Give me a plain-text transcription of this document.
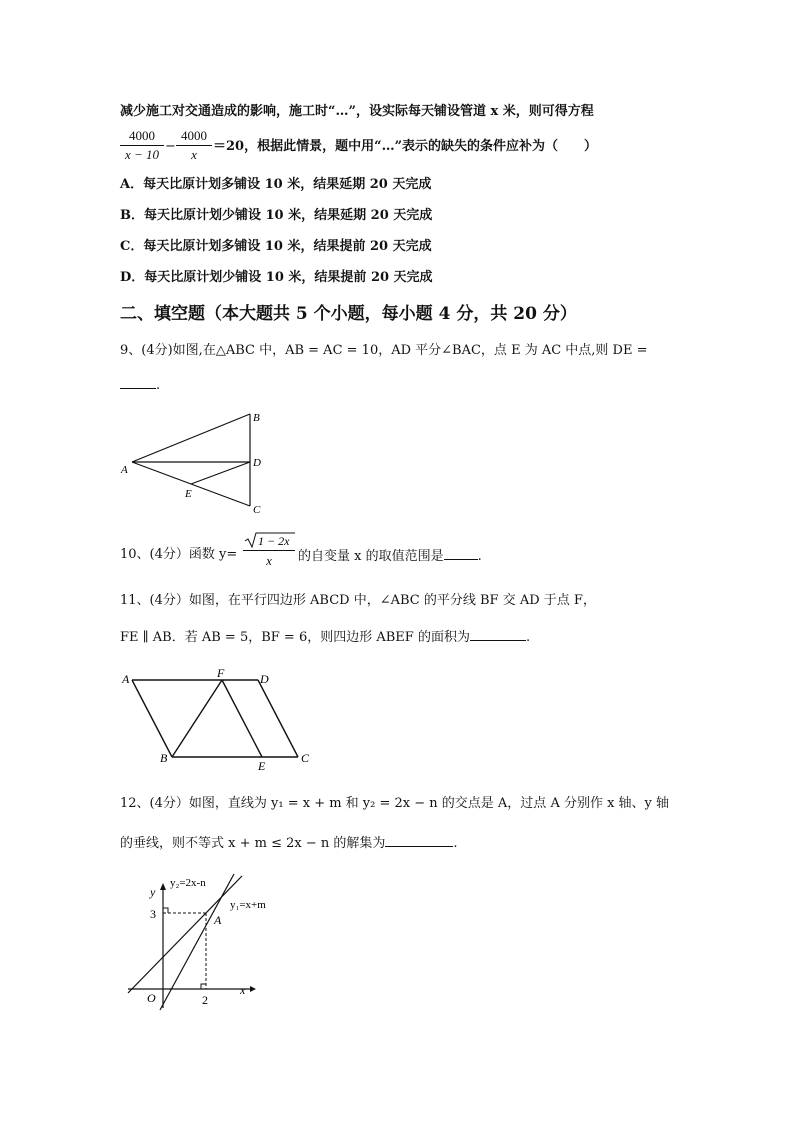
减少施工对交通造成的影响，施工时“…”，设实际每天铺设管道 x 米，则可得方程
4000
x − 10
−
4000
x
＝20，根据此情景，题中用“…”表示的缺失的条件应补为（　　）
A．每天比原计划多铺设 10 米，结果延期 20 天完成
B．每天比原计划少铺设 10 米，结果延期 20 天完成
C．每天比原计划多铺设 10 米，结果提前 20 天完成
D．每天比原计划少铺设 10 米，结果提前 20 天完成
二、填空题（本大题共 5 个小题，每小题 4 分，共 20 分）
9、(4分)如图,在△ABC 中，AB = AC = 10，AD 平分∠BAC，点 E 为 AC 中点,则 DE =
.
A
B
C
D
E
10、(4分）函数 y=
1 − 2x
x	的自变量 x 的取值范围是	.
11、(4分）如图，在平行四边形 ABCD 中，∠ABC 的平分线 BF 交 AD 于点 F，
FE ∥ AB．若 AB = 5，BF = 6，则四边形 ABEF 的面积为	.
A
B	C
D
E
F
12、(4分）如图，直线为 y₁ = x + m 和 y₂ = 2x − n 的交点是 A，过点 A 分别作 x 轴、y 轴
的垂线，则不等式 x + m ≤ 2x − n 的解集为	.
y₂=2x-n
y₁=x+m
y
x
O
A
2
3
